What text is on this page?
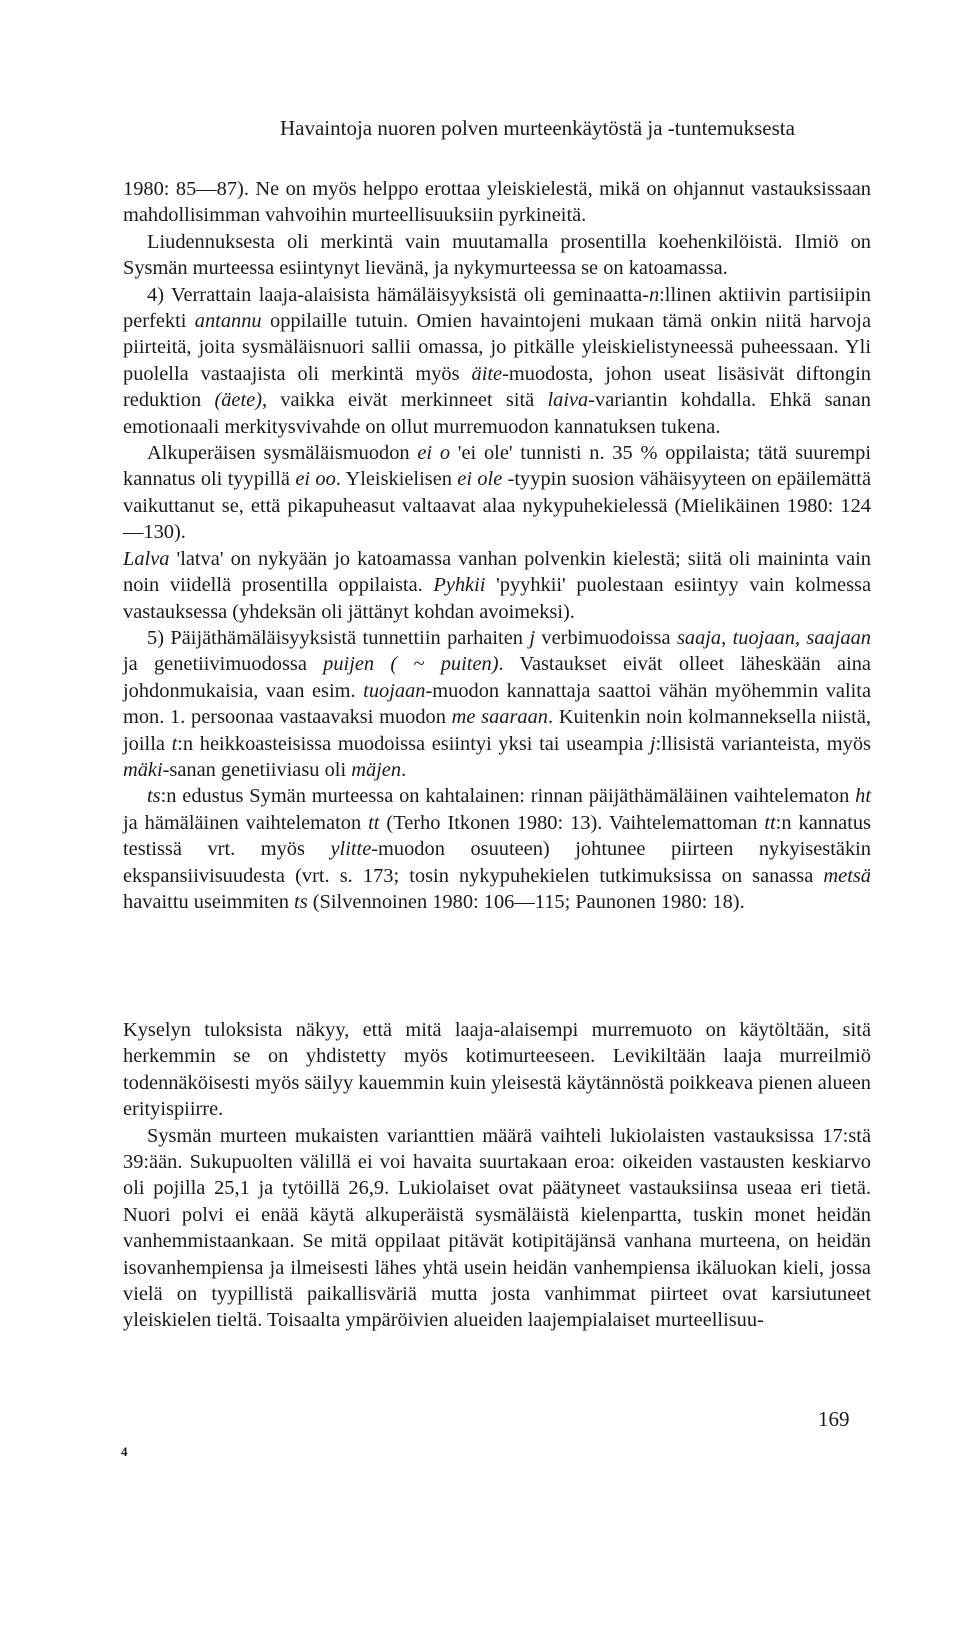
Havaintoja nuoren polven murteenkäytöstä ja -tuntemuksesta

1980: 85—87). Ne on myös helppo erottaa yleiskielestä, mikä on ohjannut vastauksissaan mahdollisimman vahvoihin murteellisuuksiin pyrkineitä.

Liudennuksesta oli merkintä vain muutamalla prosentilla koehenkilöistä. Ilmiö on Sysmän murteessa esiintynyt lievänä, ja nykymurteessa se on katoamassa.

4) Verrattain laaja-alaisista hämäläisyyksistä oli geminaatta-n:llinen aktiivin partisiipin perfekti antannu oppilaille tutuin. Omien havaintojeni mukaan tämä onkin niitä harvoja piirteitä, joita sysmäläisnuori sallii omassa, jo pitkälle yleiskielistyneessä puheessaan. Yli puolella vastaajista oli merkintä myös äite-muodosta, johon useat lisäsivät diftongin reduktion (äete), vaikka eivät merkinneet sitä laiva-variantin kohdalla. Ehkä sanan emotionaali merkitysvivahde on ollut murremuodon kannatuksen tukena.

Alkuperäisen sysmäläismuodon ei o 'ei ole' tunnisti n. 35 % oppilaista; tätä suurempi kannatus oli tyypillä ei oo. Yleiskielisen ei ole -tyypin suosion vähäisyyteen on epäilemättä vaikuttanut se, että pikapuheasut valtaavat alaa nykypuhekielessä (Mielikäinen 1980: 124—130).

Lalva 'latva' on nykyään jo katoamassa vanhan polvenkin kielestä; siitä oli maininta vain noin viidellä prosentilla oppilaista. Pyhkii 'pyyhkii' puolestaan esiintyy vain kolmessa vastauksessa (yhdeksän oli jättänyt kohdan avoimeksi).

5) Päijäthämäläisyyksistä tunnettiin parhaiten j verbimuodoissa saaja, tuojaan, saajaan ja genetiivimuodossa puijen ( ~ puiten). Vastaukset eivät olleet läheskään aina johdonmukaisia, vaan esim. tuojaan-muodon kannattaja saattoi vähän myöhemmin valita mon. 1. persoonaa vastaavaksi muodon me saaraan. Kuitenkin noin kolmanneksella niistä, joilla t:n heikkoasteisissa muodoissa esiintyi yksi tai useampia j:llisistä varianteista, myös mäki-sanan genetiiviasu oli mäjen.

ts:n edustus Symän murteessa on kahtalainen: rinnan päijäthämäläinen vaihtelematon ht ja hämäläinen vaihtelematon tt (Terho Itkonen 1980: 13). Vaihtelemattoman tt:n kannatus testissä vrt. myös ylitte-muodon osuuteen) johtunee piirteen nykyisestäkin ekspansiivisuudesta (vrt. s. 173; tosin nykypuhekielen tutkimuksissa on sanassa metsä havaittu useimmiten ts (Silvennoinen 1980: 106—115; Paunonen 1980: 18).

Kyselyn tuloksista näkyy, että mitä laaja-alaisempi murremuoto on käytöltään, sitä herkemmin se on yhdistetty myös kotimurteeseen. Levikiltään laaja murreilmiö todennäköisesti myös säilyy kauemmin kuin yleisestä käytännöstä poikkeava pienen alueen erityispiirre.

Sysmän murteen mukaisten varianttien määrä vaihteli lukiolaisten vastauksissa 17:stä 39:ään. Sukupuolten välillä ei voi havaita suurtakaan eroa: oikeiden vastausten keskiarvo oli pojilla 25,1 ja tytöillä 26,9. Lukiolaiset ovat päätyneet vastauksiinsa useaa eri tietä. Nuori polvi ei enää käytä alkuperäistä sysmäläistä kielenpartta, tuskin monet heidän vanhemmistaankaan. Se mitä oppilaat pitävät kotipitäjänsä vanhana murteena, on heidän isovanhempiensa ja ilmeisesti lähes yhtä usein heidän vanhempiensa ikäluokan kieli, jossa vielä on tyypillistä paikallisväriä mutta josta vanhimmat piirteet ovat karsiutuneet yleiskielen tieltä. Toisaalta ympäröivien alueiden laajempialaiset murteellisuu-

169
4
